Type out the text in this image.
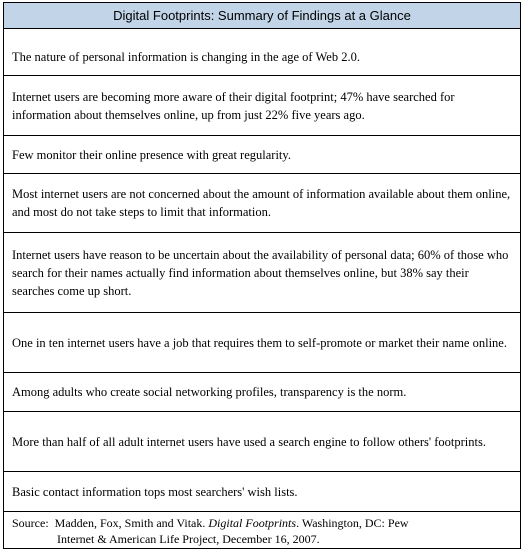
Digital Footprints: Summary of Findings at a Glance
The nature of personal information is changing in the age of Web 2.0.
Internet users are becoming more aware of their digital footprint; 47% have searched for information about themselves online, up from just 22% five years ago.
Few monitor their online presence with great regularity.
Most internet users are not concerned about the amount of information available about them online, and most do not take steps to limit that information.
Internet users have reason to be uncertain about the availability of personal data; 60% of those who search for their names actually find information about themselves online, but 38% say their searches come up short.
One in ten internet users have a job that requires them to self-promote or market their name online.
Among adults who create social networking profiles, transparency is the norm.
More than half of all adult internet users have used a search engine to follow others' footprints.
Basic contact information tops most searchers' wish lists.
Source:  Madden, Fox, Smith and Vitak. Digital Footprints. Washington, DC: Pew
Internet & American Life Project, December 16, 2007.
